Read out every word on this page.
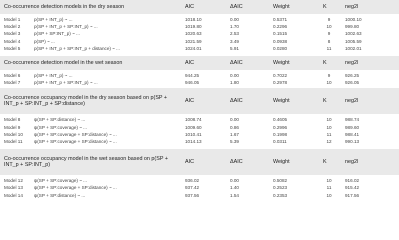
Co-occurrence detection models in the dry season	AIC	ΔAIC	Weight	K	neg2l
Model 1	p(SP + INT_p) ~ ...	1018.10	0.00	0.5371	9	1000.10
Model 2	p(SP + INT_p + SP:INT_p) ~ ...	1019.80	1.70	0.2296	10	999.80
Model 3	p(SP + SP:INT_p) ~ ...	1020.63	2.53	0.1515	9	1002.63
Model 4	p(SP) ~ ...	1021.59	3.49	0.0938	8	1005.59
Model 5	p(SP + INT_p + SP:INT_p + distance) ~ ...	1024.01	5.91	0.0280	11	1002.01
Co-occurrence detection model in the wet season	AIC	ΔAIC	Weight	K	neg2l
Model 6	p(SP + INT_p) ~ ...	944.25	0.00	0.7022	9	926.25
Model 7	p(SP + INT_p + SP:INT_p) ~ ...	946.05	1.80	0.2978	10	926.05
Co-occurrence occupancy model in the dry season based on p(SP + INT_p + SP:INT_p + SP:distance)	AIC	ΔAIC	Weight	K	neg2l
Model 8	ψ(SP + SP:distance) ~ ...	1008.74	0.00	0.4605	10	988.74
Model 9	ψ(SP + SP:coverage) ~ ...	1009.60	0.86	0.2996	10	989.60
Model 10	ψ(SP + SP:coverage + SP:distance) ~ ...	1010.41	1.67	0.1998	11	988.41
Model 11	ψ(SP + SP:coverage + SP:distance) ~ ...	1014.13	5.39	0.0311	12	990.13
Co-occurrence occupancy model in the wet season based on p(SP + INT_p + SP:INT_p)	AIC	ΔAIC	Weight	K	neg2l
Model 12	ψ(SP + SP:coverage) ~ ...	936.02	0.00	0.5082	10	916.02
Model 13	ψ(SP + SP:coverage + SP:distance) ~ ...	937.42	1.40	0.2523	11	915.42
Model 14	ψ(SP + SP:distance) ~ ...	937.56	1.54	0.2353	10	917.56
